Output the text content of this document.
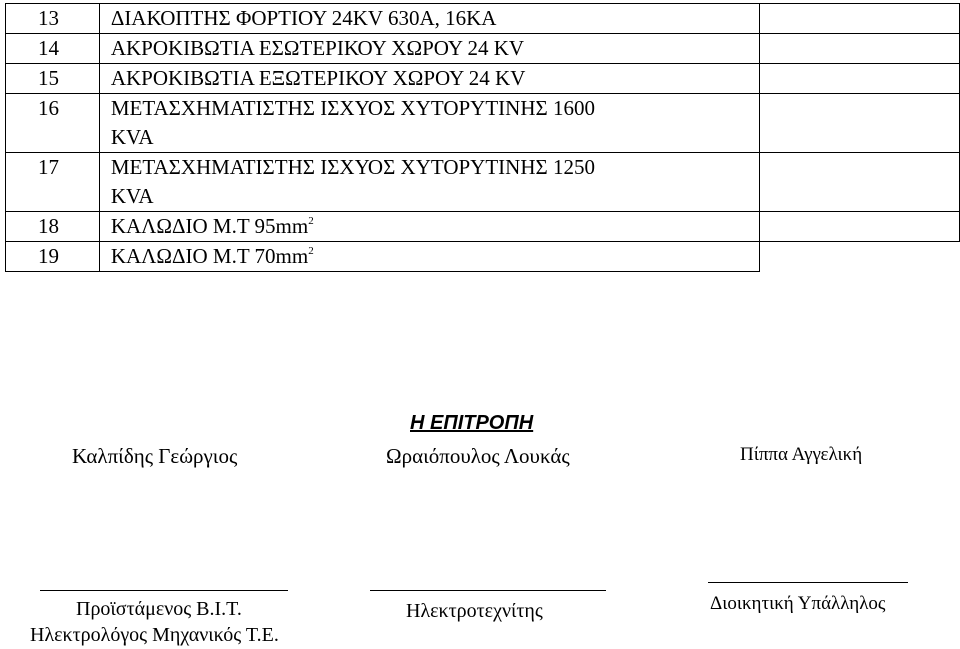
13	ΔΙΑΚΟΠΤΗΣ ΦΟΡΤΙΟΥ 24KV 630A, 16KA	

14	ΑΚΡΟΚΙΒΩΤΙΑ ΕΣΩΤΕΡΙΚΟΥ ΧΩΡΟΥ 24 KV	

15	ΑΚΡΟΚΙΒΩΤΙΑ ΕΞΩΤΕΡΙΚΟΥ ΧΩΡΟΥ 24 KV	

16	ΜΕΤΑΣΧΗΜΑΤΙΣΤΗΣ ΙΣΧΥΟΣ ΧΥΤΟΡΥΤΙΝΗΣ 1600
KVA	

17	ΜΕΤΑΣΧΗΜΑΤΙΣΤΗΣ ΙΣΧΥΟΣ ΧΥΤΟΡΥΤΙΝΗΣ 1250
KVA	

18	ΚΑΛΩΔΙΟ Μ.Τ $95mm^2$	
19	ΚΑΛΩΔΙΟ Μ.Τ $70mm^2$	
Η ΕΠΙΤΡΟΠΗ
Καλπίδης Γεώργιος	Ωραιόπουλος Λουκάς	Πίππα Αγγελική
Προϊστάμενος Β.Ι.Τ.
Ηλεκτρολόγος Μηχανικός Τ.Ε.
Ηλεκτροτεχνίτης	Διοικητική Υπάλληλος
